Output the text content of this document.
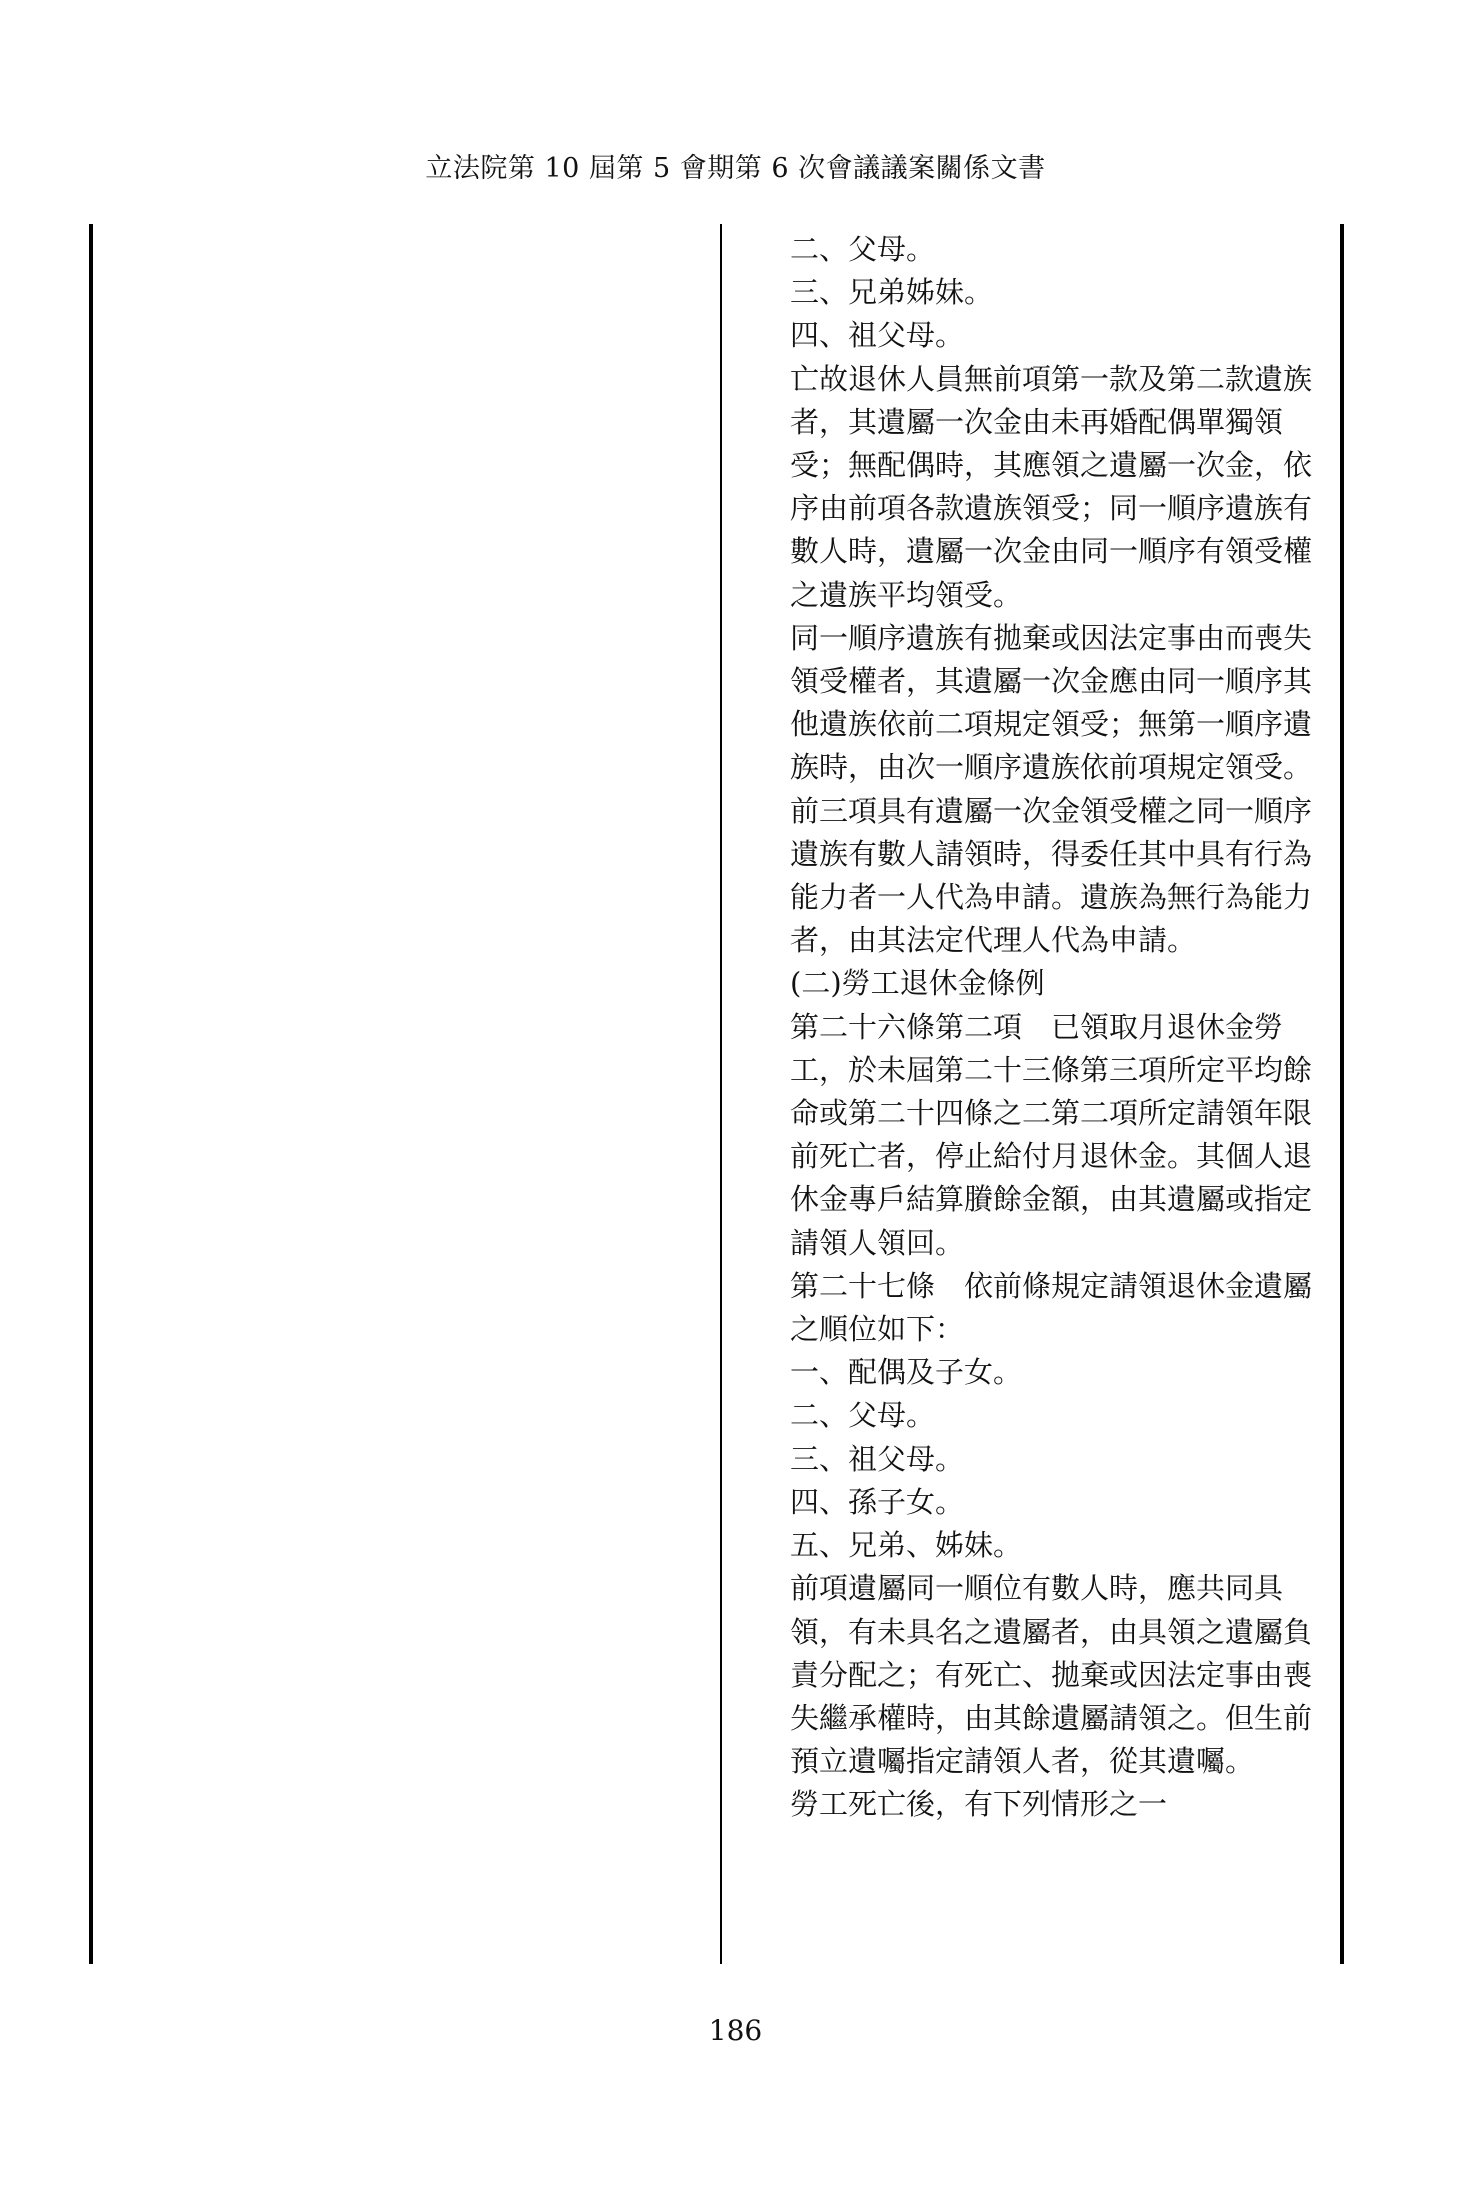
立法院第 10 屆第 5 會期第 6 次會議議案關係文書

二、父母。

三、兄弟姊妹。

四、祖父母。

亡故退休人員無前項第一款及第二款遺族者，其遺屬一次金由未再婚配偶單獨領受；無配偶時，其應領之遺屬一次金，依序由前項各款遺族領受；同一順序遺族有數人時，遺屬一次金由同一順序有領受權之遺族平均領受。

同一順序遺族有拋棄或因法定事由而喪失領受權者，其遺屬一次金應由同一順序其他遺族依前二項規定領受；無第一順序遺族時，由次一順序遺族依前項規定領受。

前三項具有遺屬一次金領受權之同一順序遺族有數人請領時，得委任其中具有行為能力者一人代為申請。遺族為無行為能力者，由其法定代理人代為申請。

(二)勞工退休金條例

第二十六條第二項　已領取月退休金勞工，於未屆第二十三條第三項所定平均餘命或第二十四條之二第二項所定請領年限前死亡者，停止給付月退休金。其個人退休金專戶結算賸餘金額，由其遺屬或指定請領人領回。

第二十七條　依前條規定請領退休金遺屬之順位如下：

一、配偶及子女。

二、父母。

三、祖父母。

四、孫子女。

五、兄弟、姊妹。

前項遺屬同一順位有數人時，應共同具領，有未具名之遺屬者，由具領之遺屬負責分配之；有死亡、拋棄或因法定事由喪失繼承權時，由其餘遺屬請領之。但生前預立遺囑指定請領人者，從其遺囑。

勞工死亡後，有下列情形之一

186
